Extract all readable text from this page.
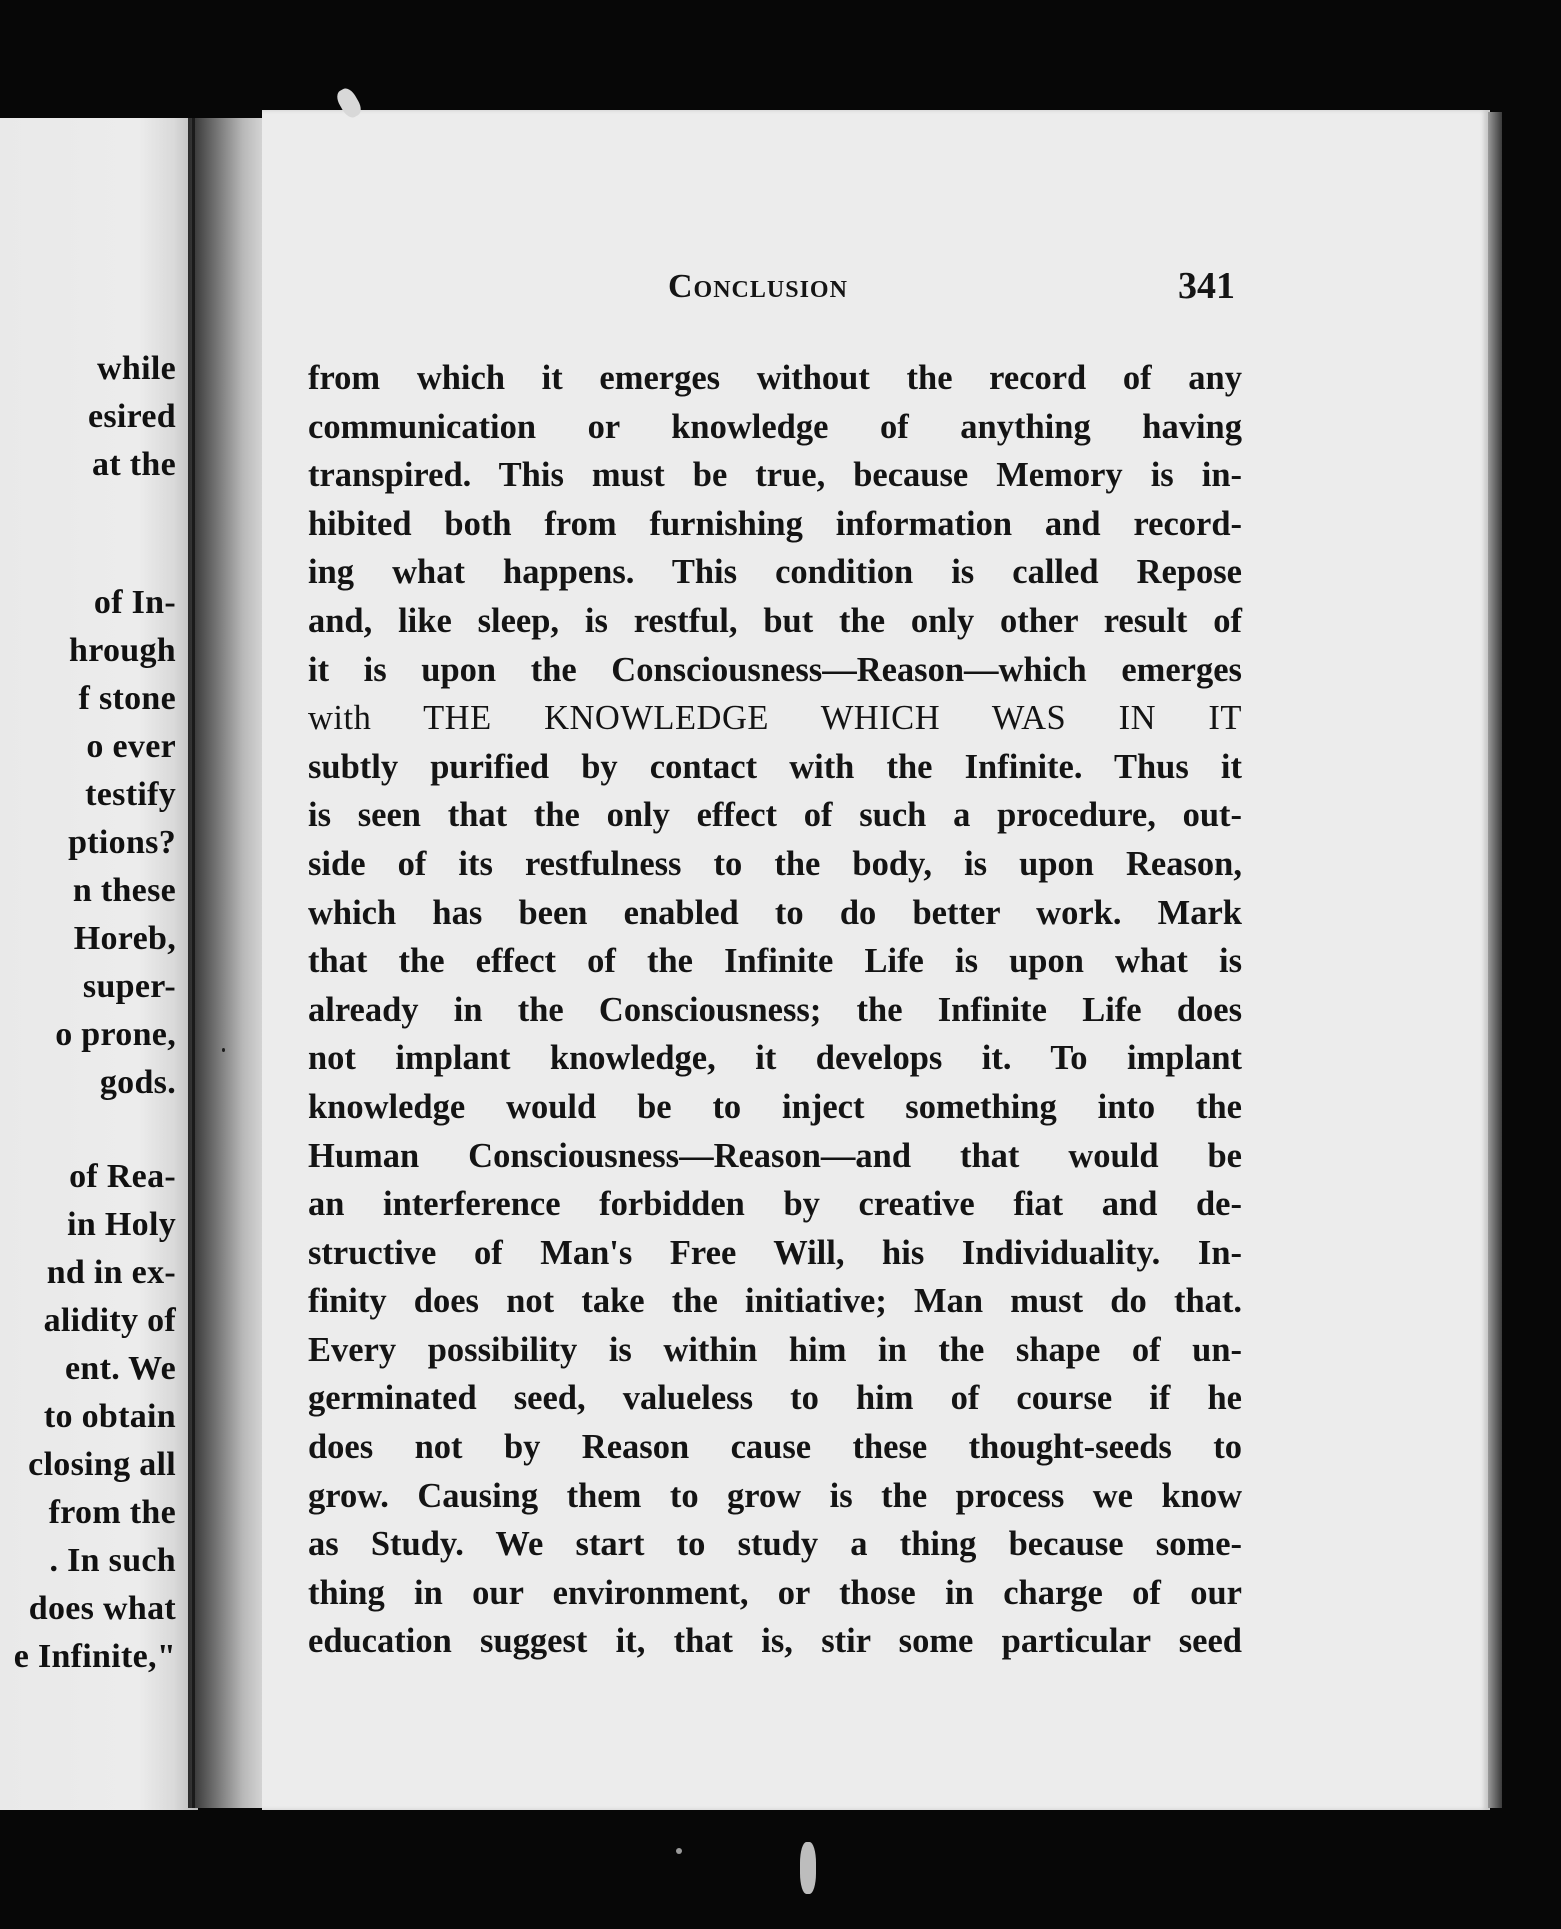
while
esired
at the
of In-
hrough
f stone
o ever
testify
ptions?
n these
Horeb,
super-
o prone,
gods.
of Rea-
in Holy
nd in ex-
alidity of
ent. We
to obtain
closing all
from the
. In such
does what
e Infinite,"
Conclusion	341
from which it emerges without the record of any
communication or knowledge of anything having
transpired. This must be true, because Memory is in-
hibited both from furnishing information and record-
ing what happens. This condition is called Repose
and, like sleep, is restful, but the only other result of
it is upon the Consciousness—Reason—which emerges
with THE KNOWLEDGE WHICH WAS IN IT
subtly purified by contact with the Infinite. Thus it
is seen that the only effect of such a procedure, out-
side of its restfulness to the body, is upon Reason,
which has been enabled to do better work. Mark
that the effect of the Infinite Life is upon what is
already in the Consciousness; the Infinite Life does
not implant knowledge, it develops it. To implant
knowledge would be to inject something into the
Human Consciousness—Reason—and that would be
an interference forbidden by creative fiat and de-
structive of Man's Free Will, his Individuality. In-
finity does not take the initiative; Man must do that.
Every possibility is within him in the shape of un-
germinated seed, valueless to him of course if he
does not by Reason cause these thought-seeds to
grow. Causing them to grow is the process we know
as Study. We start to study a thing because some-
thing in our environment, or those in charge of our
education suggest it, that is, stir some particular seed
